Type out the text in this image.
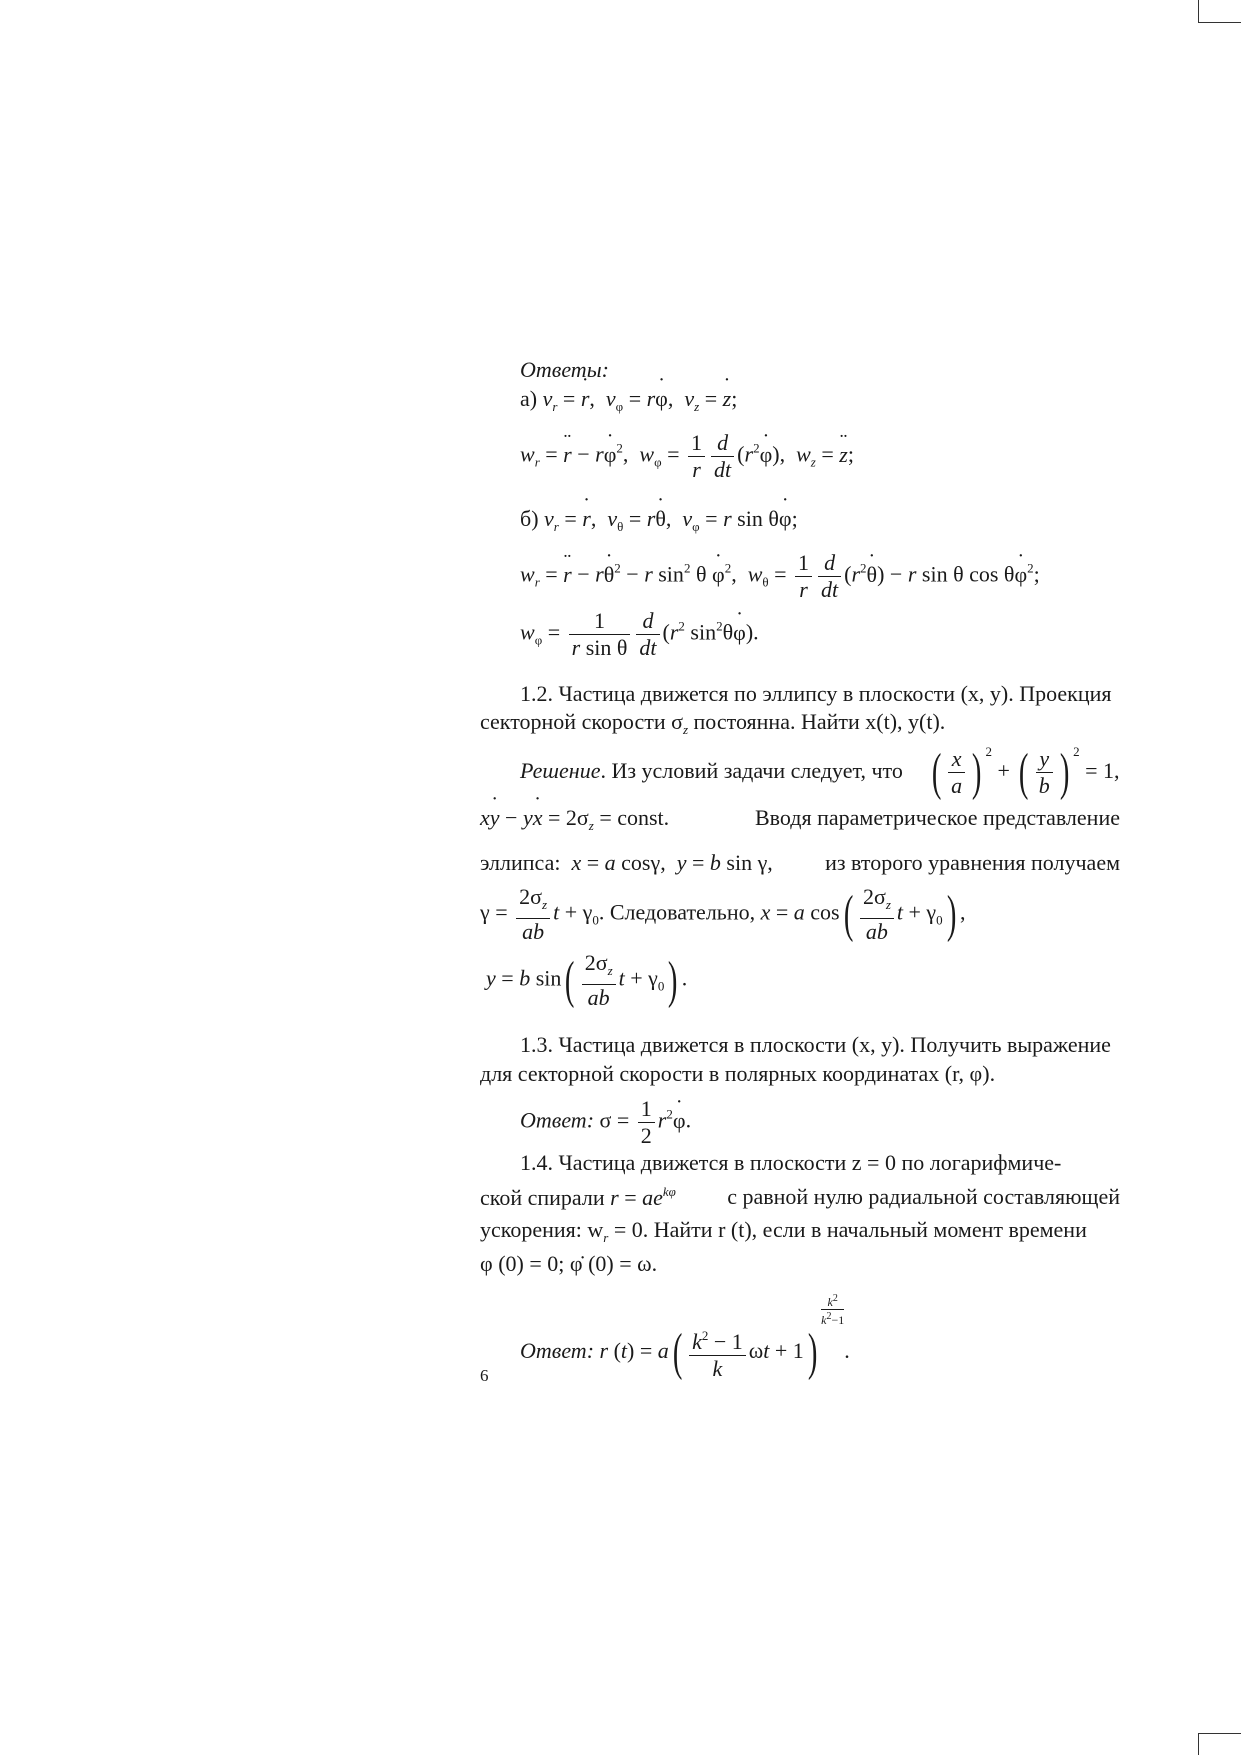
Ответы:
а) $v_r$ = ˙ r,  $v_\varphi$ = r˙ φ,  $v_z$ = ˙ z;
$w_r$ = ¨ r − r˙ $\varphi^2$,  $w_\varphi = \frac{1}{r} \frac{d}{dt}$ ($r^2˙$ φ),  $w_z$ = ¨ z;
б) $v_r$ = ˙ r,  $v_\theta$ = r˙ θ,  $v_\varphi = r$ sin θ˙ φ;
$w_r$ = ¨ r − r˙ $\theta^2 - r$ $\sin^2 \theta$ ˙ $\varphi^2$,  $w_\theta = \frac{1}{r} \frac{d}{dt}$ ($r^2˙$ θ) − r sin θ cos θ˙ $\varphi^2$;
$w_\varphi = \frac{1}{\text{r sin θ}} \frac{d}{dt} (r^2$ $\sin^2\theta˙$ φ).
1.2. Частица движется по эллипсу в плоскости (x, y). Проекция
секторной скорости $\sigma_z$ постоянна. Найти x(t), y(t).
Решение. Из условий задачи следует, что ( $\frac{x}{a}$ ) $^2$ + ( $\frac{y}{b}$ ) $^2$ = 1,
x˙ y − y˙ $x = 2\sigma_z$ = const.	Вводя параметрическое представление
эллипса: x = a cosγ,  y = b sin γ, из второго уравнения получаем
$\gamma = \frac{2\sigma_z}{ab}$ $t + \gamma_0$. Следовательно, x = a $\cos( \frac{2\sigma_z}{ab}$ $t + \gamma_0$) ,
y = b $\sin( \frac{2\sigma_z}{ab}$ $t + \gamma_0$) .
1.3. Частица движется в плоскости (x, y). Получить выражение
для секторной скорости в полярных координатах (r, φ).
Ответ: $\sigma = \frac{1}{2}$ $r^2˙$ φ.
1.4. Частица движется в плоскости z = 0 по логарифмиче-
ской спирали $r = ae^{k\varphi}$ с равной нулю радиальной составляющей
ускорения: $w_r = 0$. Найти r (t), если в начальный момент времени
φ (0) = 0; φ̇ (0) = ω.
Ответ: r $(t) = a( \frac{k^2 - 1}{k}$ ωt + 1)
$\frac{k^2}{k^2-1}$
.
6
